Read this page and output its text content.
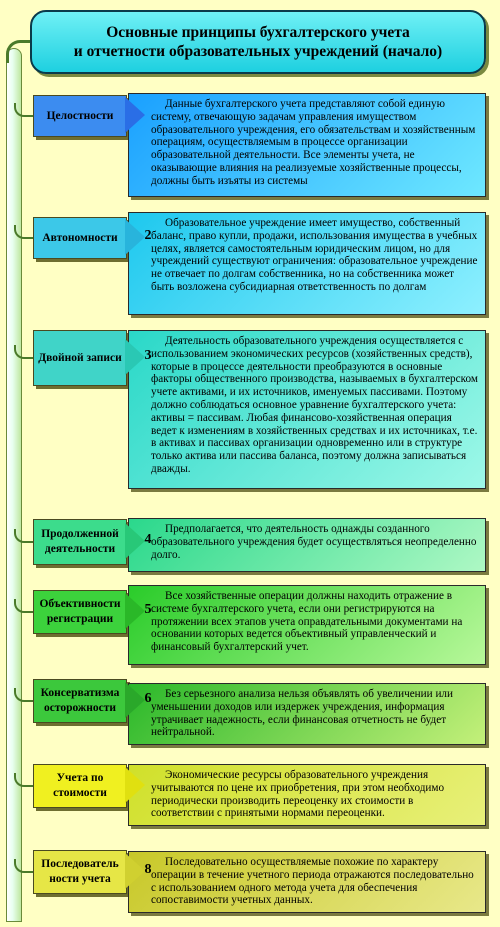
Основные принципы бухгалтерского учета
и отчетности образовательных учреждений (начало)
Целостности
Данные бухгалтерского учета представляют собой единую систему, отвечающую задачам управления имуществом образовательного учреждения, его обязательствам и хозяйственным операциям, осуществляемым в процессе организации образовательной деятельности. Все элементы учета, не оказывающие влияния на реализуемые хозяйственные процессы, должны быть изъяты из системы
Автономности
Образовательное учреждение имеет имущество, собственный баланс, право купли, продажи, использования имущества в учебных целях, является самостоятельным юридическим лицом, но для учреждений существуют ограничения: образовательное учреждение не отвечает по долгам собственника, но на собственника может быть возложена субсидиарная ответственность по долгам
2
Двойной записи
Деятельность образовательного учреждения осуществляется с использованием экономических ресурсов (хозяйственных средств), которые в процессе деятельности преобразуются в основные факторы общественного производства, называемых в бухгалтерском учете активами, и их источников, именуемых пассивами. Поэтому должно соблюдаться основное уравнение бухгалтерского учета: активы = пассивам. Любая финансово-хозяйственная операция ведет к изменениям в хозяйственных средствах и их источниках, т.е. в активах и пассивах организации одновременно или в структуре только актива или пассива баланса, поэтому должна записываться дважды.
3
Продолженной деятельности
Предполагается, что деятельность однажды созданного образовательного учреждения будет осуществляться неопределенно долго.
4
Объективности регистрации
Все хозяйственные операции должны находить отражение в системе бухгалтерского учета, если они регистрируются на протяжении всех этапов учета оправдательными документами на основании которых ведется объективный управленческий и финансовый бухгалтерский учет.
5
Консерватизма осторожности
Без серьезного анализа нельзя объявлять об увеличении или уменьшении доходов или издержек учреждения, информация утрачивает надежность, если финансовая отчетность не будет нейтральной.
6
Учета по стоимости
Экономические ресурсы образовательного учреждения учитываются по цене их приобретения, при этом необходимо периодически производить переоценку их стоимости в соответствии с принятыми нормами переоценки.
Последователь ности учета
Последовательно осуществляемые похожие по характеру операции в течение учетного периода отражаются последовательно с использованием одного метода учета для обеспечения сопоставимости учетных данных.
8
